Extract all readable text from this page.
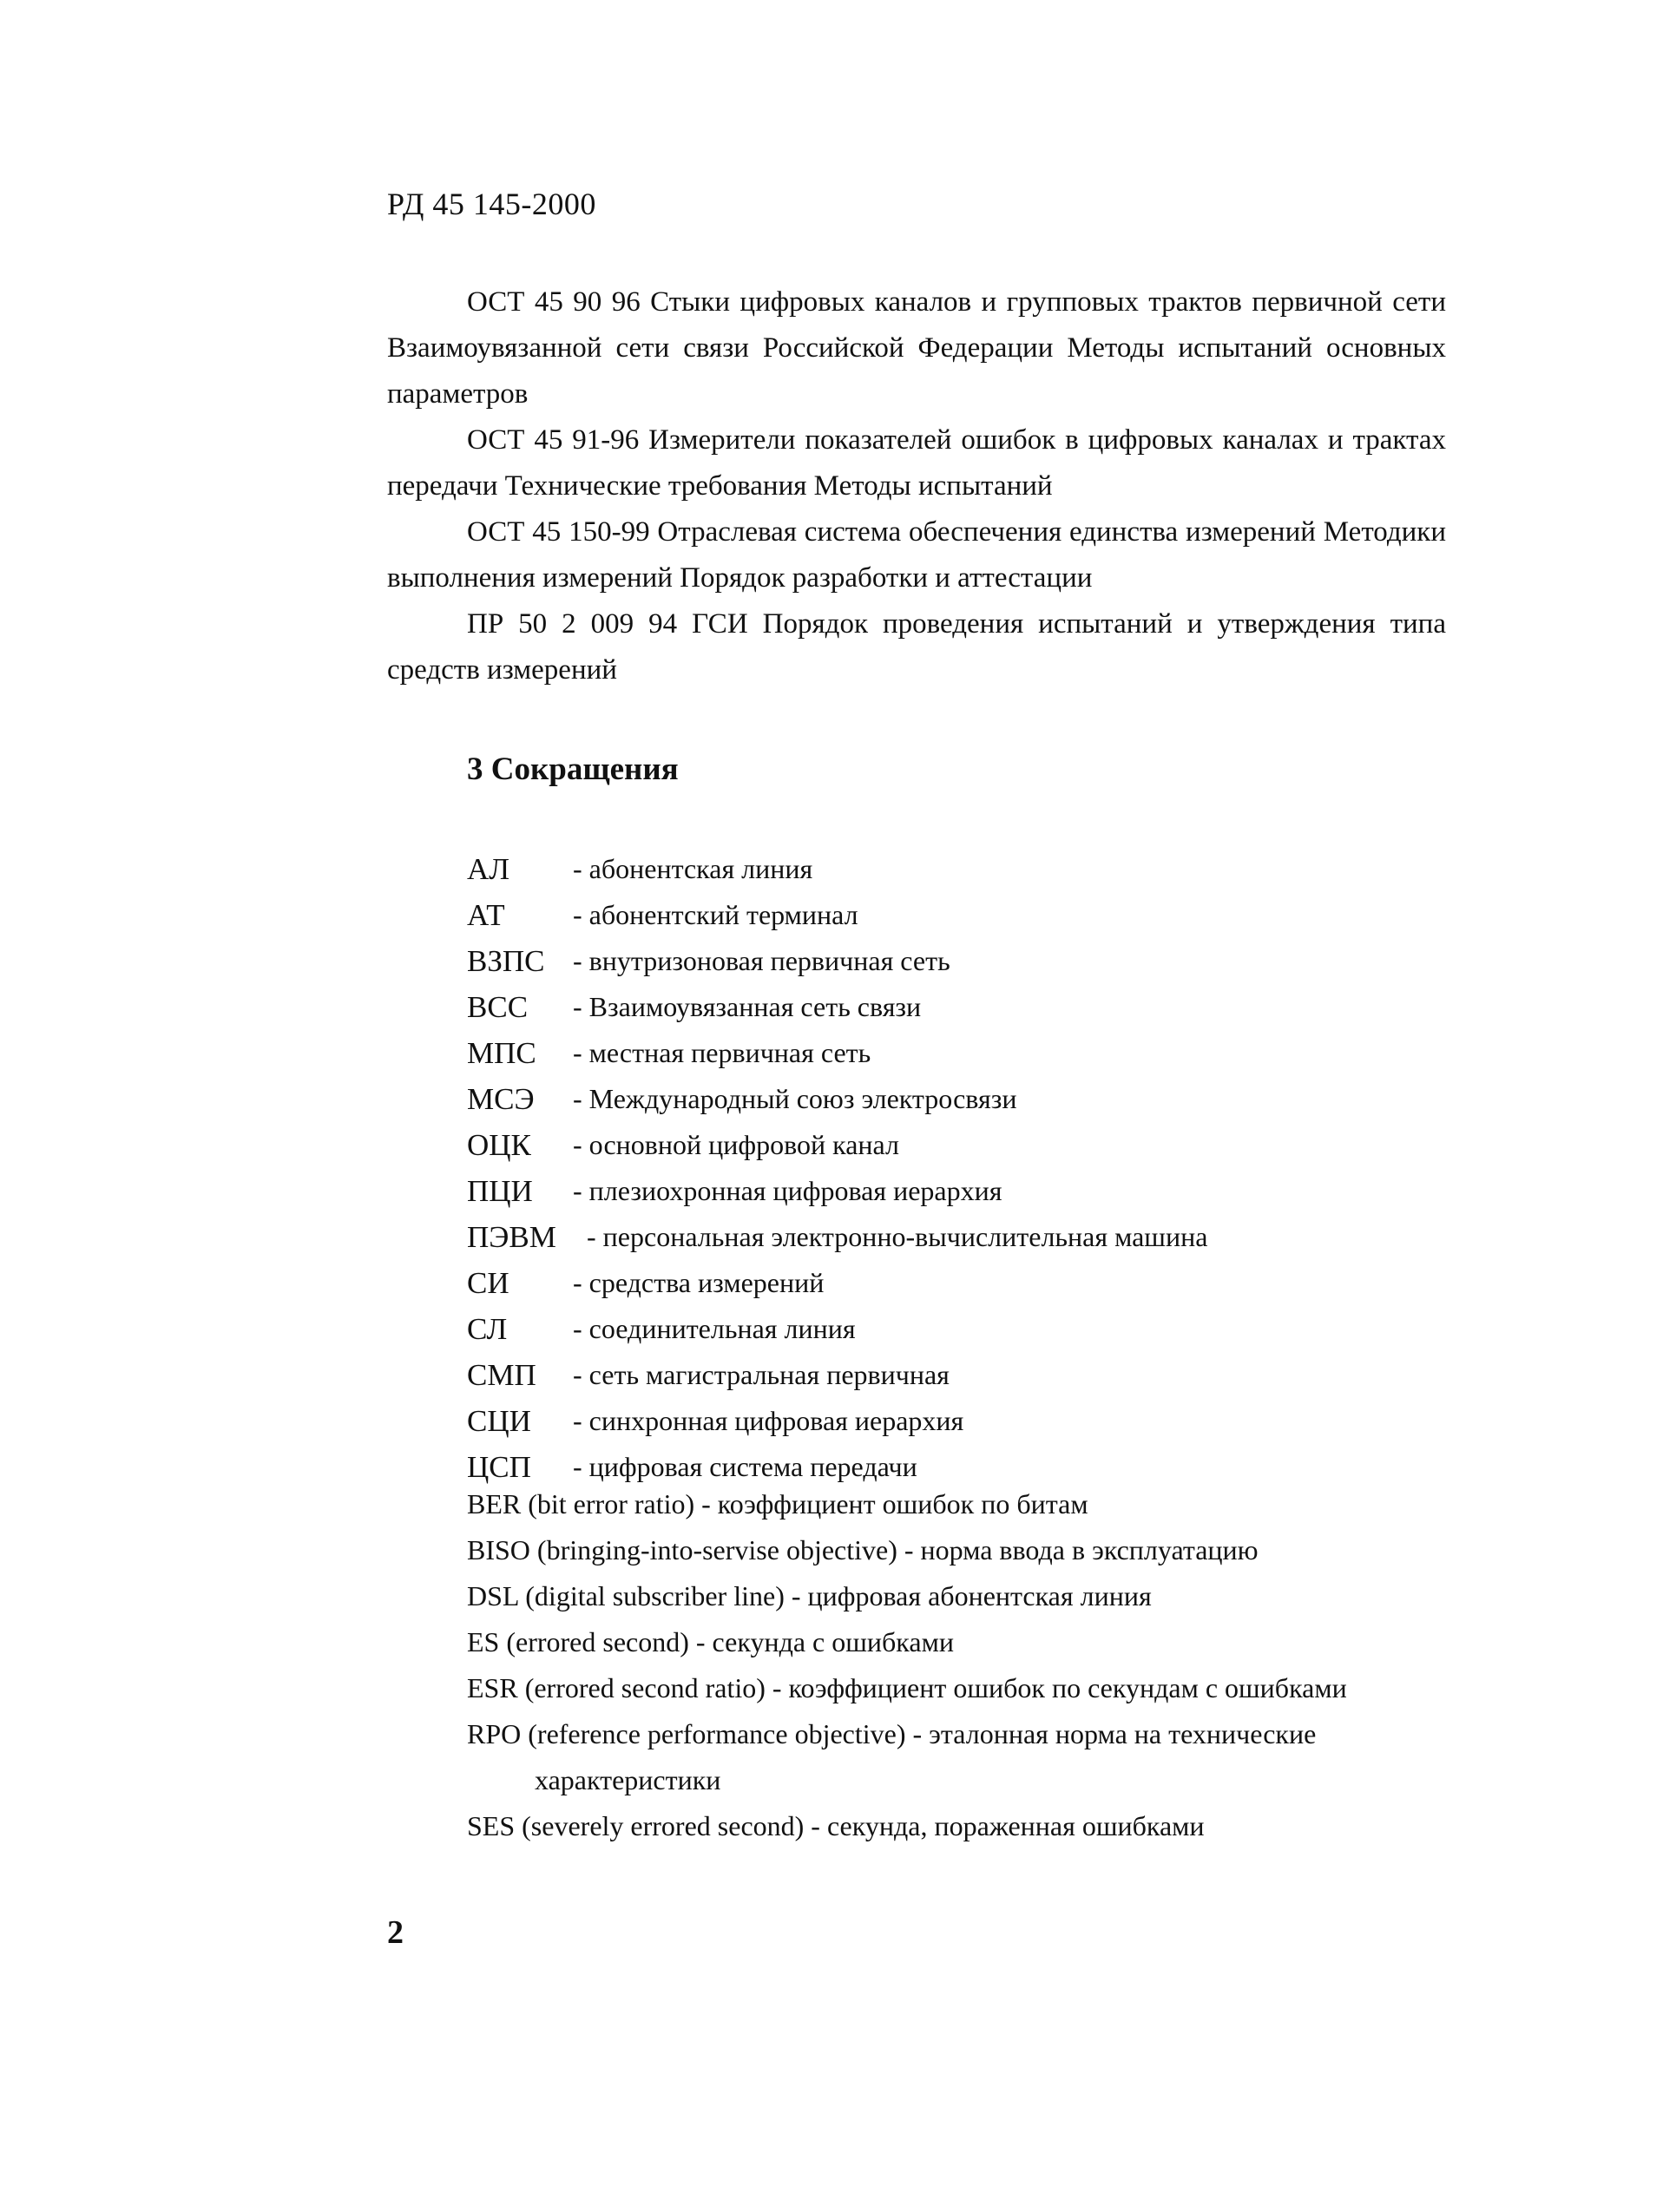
РД 45 145-2000

ОСТ 45 90 96 Стыки цифровых каналов и групповых трактов первичной сети Взаимоувязанной сети связи Российской Федерации Методы испытаний основных параметров

ОСТ 45 91-96 Измерители показателей ошибок в цифровых каналах и трактах передачи Технические требования Методы испытаний

ОСТ 45 150-99 Отраслевая система обеспечения единства измерений Методики выполнения измерений Порядок разработки и аттестации

ПР 50 2 009 94 ГСИ Порядок проведения испытаний и утверждения типа средств измерений

3 Сокращения
АЛ - абонентская линия
АТ - абонентский терминал
ВЗПС - внутризоновая первичная сеть
ВСС - Взаимоувязанная сеть связи
МПС - местная первичная сеть
МСЭ - Международный союз электросвязи
ОЦК - основной цифровой канал
ПЦИ - плезиохронная цифровая иерархия
ПЭВМ - персональная электронно-вычислительная машина
СИ - средства измерений
СЛ - соединительная линия
СМП - сеть магистральная первичная
СЦИ - синхронная цифровая иерархия
ЦСП - цифровая система передачи
BER (bit error ratio) - коэффициент ошибок по битам
BISO (bringing-into-servise objective) - норма ввода в эксплуатацию
DSL (digital subscriber line) - цифровая абонентская линия
ES (errored second) - секунда с ошибками
ESR (errored second ratio) - коэффициент ошибок по секундам с ошибками
RPO (reference performance objective) - эталонная норма на технические
характеристики
SES (severely errored second) - секунда, пораженная ошибками
2
